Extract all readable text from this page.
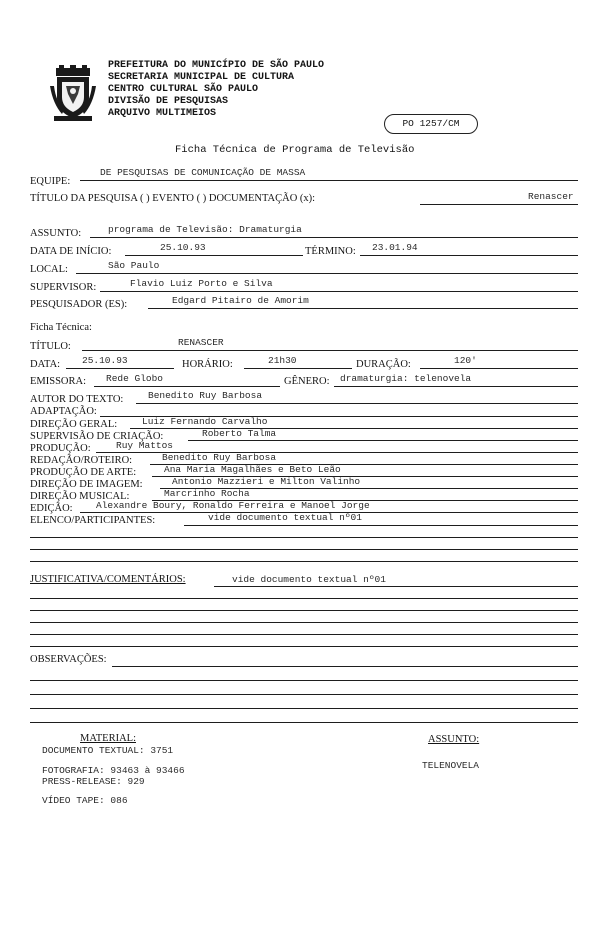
PREFEITURA DO MUNICÍPIO DE SÃO PAULO
SECRETARIA MUNICIPAL DE CULTURA
CENTRO CULTURAL SÃO PAULO
DIVISÃO DE PESQUISAS
ARQUIVO MULTIMEIOS
PO 1257/CM
Ficha Técnica de Programa de Televisão
EQUIPE:
DE PESQUISAS DE COMUNICAÇÃO DE MASSA
TÍTULO DA PESQUISA ( ) EVENTO ( ) DOCUMENTAÇÃO (x):	Renascer
ASSUNTO:	programa de Televisão: Dramaturgia
DATA DE INÍCIO:	25.10.93	TÉRMINO: 23.01.94
LOCAL:	São Paulo
SUPERVISOR:	Flavio Luiz Porto e Silva
PESQUISADOR (ES):	Edgard Pitairo de Amorim
Ficha Técnica:
TÍTULO:	RENASCER
DATA: 25.10.93	HORÁRIO:	21h30	DURAÇÃO:	120'
EMISSORA: Rede Globo	GÊNERO: dramaturgia: telenovela
AUTOR DO TEXTO:	Benedito Ruy Barbosa
ADAPTAÇÃO:
DIREÇÃO GERAL:	Luiz Fernando Carvalho
SUPERVISÃO DE CRIAÇÃO:	Roberto Talma
PRODUÇÃO:	Ruy Mattos
REDAÇÃO/ROTEIRO:	Benedito Ruy Barbosa
PRODUÇÃO DE ARTE:	Ana Maria Magalhães e Beto Leão
DIREÇÃO DE IMAGEM:	Antonio Mazzieri e Milton Valinho
DIREÇÃO MUSICAL:	Marcrinho Rocha
EDIÇÃO: Alexandre Boury, Ronaldo Ferreira e Manoel Jorge
ELENCO/PARTICIPANTES:	vide documento textual nº01
JUSTIFICATIVA/COMENTÁRIOS:	vide documento textual nº01
OBSERVAÇÕES:
MATERIAL:
DOCUMENTO TEXTUAL: 3751
FOTOGRAFIA: 93463 à 93466
PRESS-RELEASE: 929
VÍDEO TAPE: 086
ASSUNTO:
TELENOVELA
